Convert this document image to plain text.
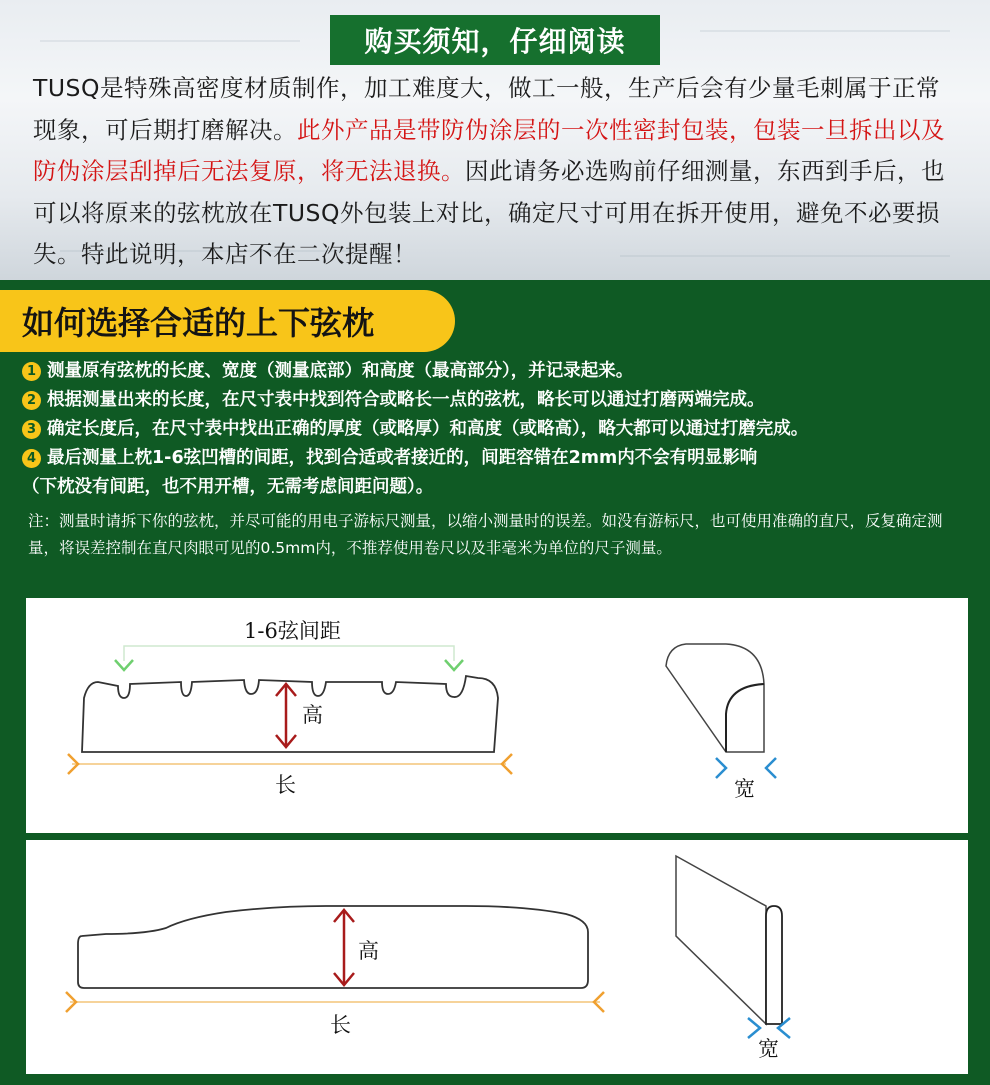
购买须知，仔细阅读
TUSQ是特殊高密度材质制作，加工难度大，做工一般，生产后会有少量毛刺属于正常现象，可后期打磨解决。此外产品是带防伪涂层的一次性密封包装，包装一旦拆出以及防伪涂层刮掉后无法复原，将无法退换。因此请务必选购前仔细测量，东西到手后，也可以将原来的弦枕放在TUSQ外包装上对比，确定尺寸可用在拆开使用，避免不必要损失。特此说明，本店不在二次提醒！
如何选择合适的上下弦枕
1 测量原有弦枕的长度、宽度（测量底部）和高度（最高部分），并记录起来。
2 根据测量出来的长度，在尺寸表中找到符合或略长一点的弦枕，略长可以通过打磨两端完成。
3 确定长度后，在尺寸表中找出正确的厚度（或略厚）和高度（或略高），略大都可以通过打磨完成。
4 最后测量上枕1-6弦凹槽的间距，找到合适或者接近的，间距容错在2mm内不会有明显影响
（下枕没有间距，也不用开槽，无需考虑间距问题）。
注：测量时请拆下你的弦枕，并尽可能的用电子游标尺测量，以缩小测量时的误差。如没有游标尺，也可使用准确的直尺，反复确定测量，将误差控制在直尺肉眼可见的0.5mm内，不推荐使用卷尺以及非毫米为单位的尺子测量。
1-6弦间距
高
长	宽
高
长
宽
